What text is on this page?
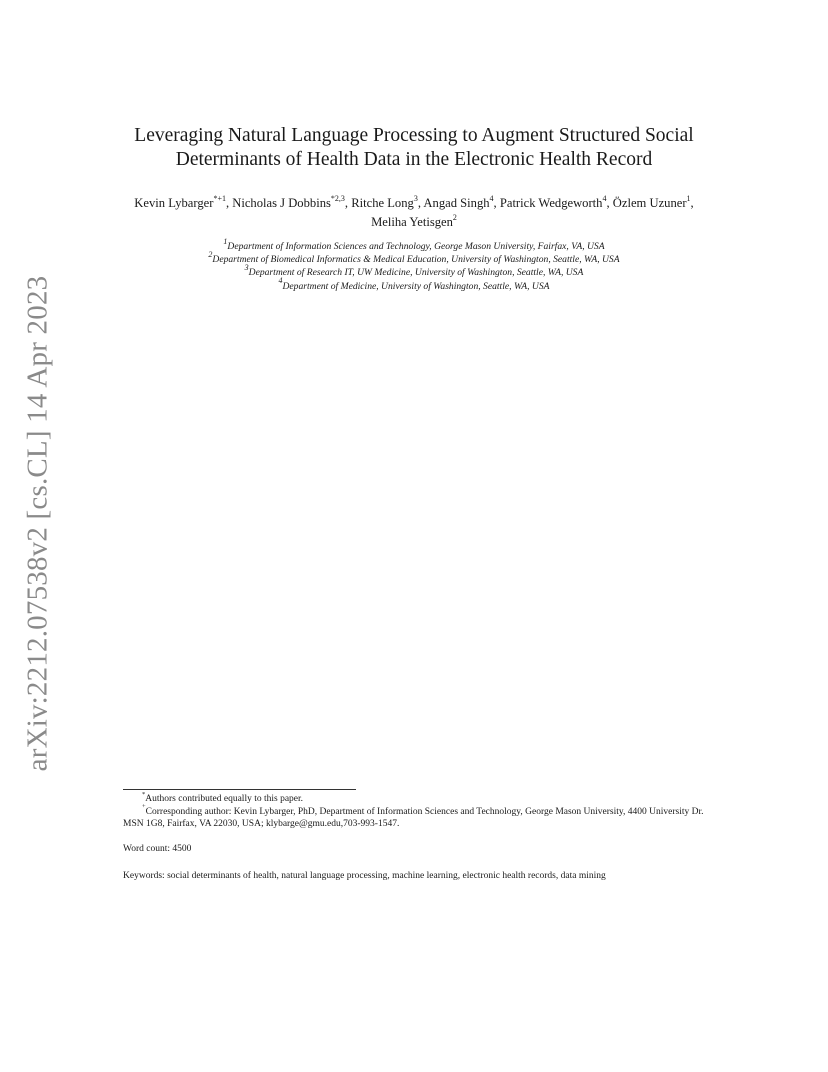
arXiv:2212.07538v2 [cs.CL] 14 Apr 2023
Leveraging Natural Language Processing to Augment Structured Social
Determinants of Health Data in the Electronic Health Record
Kevin Lybarger$^{*+1}$, Nicholas J Dobbins$^{*2,3}$, Ritche Long$^3$, Angad Singh$^4$, Patrick Wedgeworth$^4$, Özlem Uzuner$^1$, Meliha Yetisgen$^2$
$^1$Department of Information Sciences and Technology, George Mason University, Fairfax, VA, USA
$^2$Department of Biomedical Informatics & Medical Education, University of Washington, Seattle, WA, USA
$^3$Department of Research IT, UW Medicine, University of Washington, Seattle, WA, USA
$^4$Department of Medicine, University of Washington, Seattle, WA, USA
*Authors contributed equally to this paper.
+Corresponding author: Kevin Lybarger, PhD, Department of Information Sciences and Technology, George Mason University, 4400 University Dr. MSN 1G8, Fairfax, VA 22030, USA; klybarge@gmu.edu,703-993-1547.
Word count: 4500
Keywords: social determinants of health, natural language processing, machine learning, electronic health records, data mining
